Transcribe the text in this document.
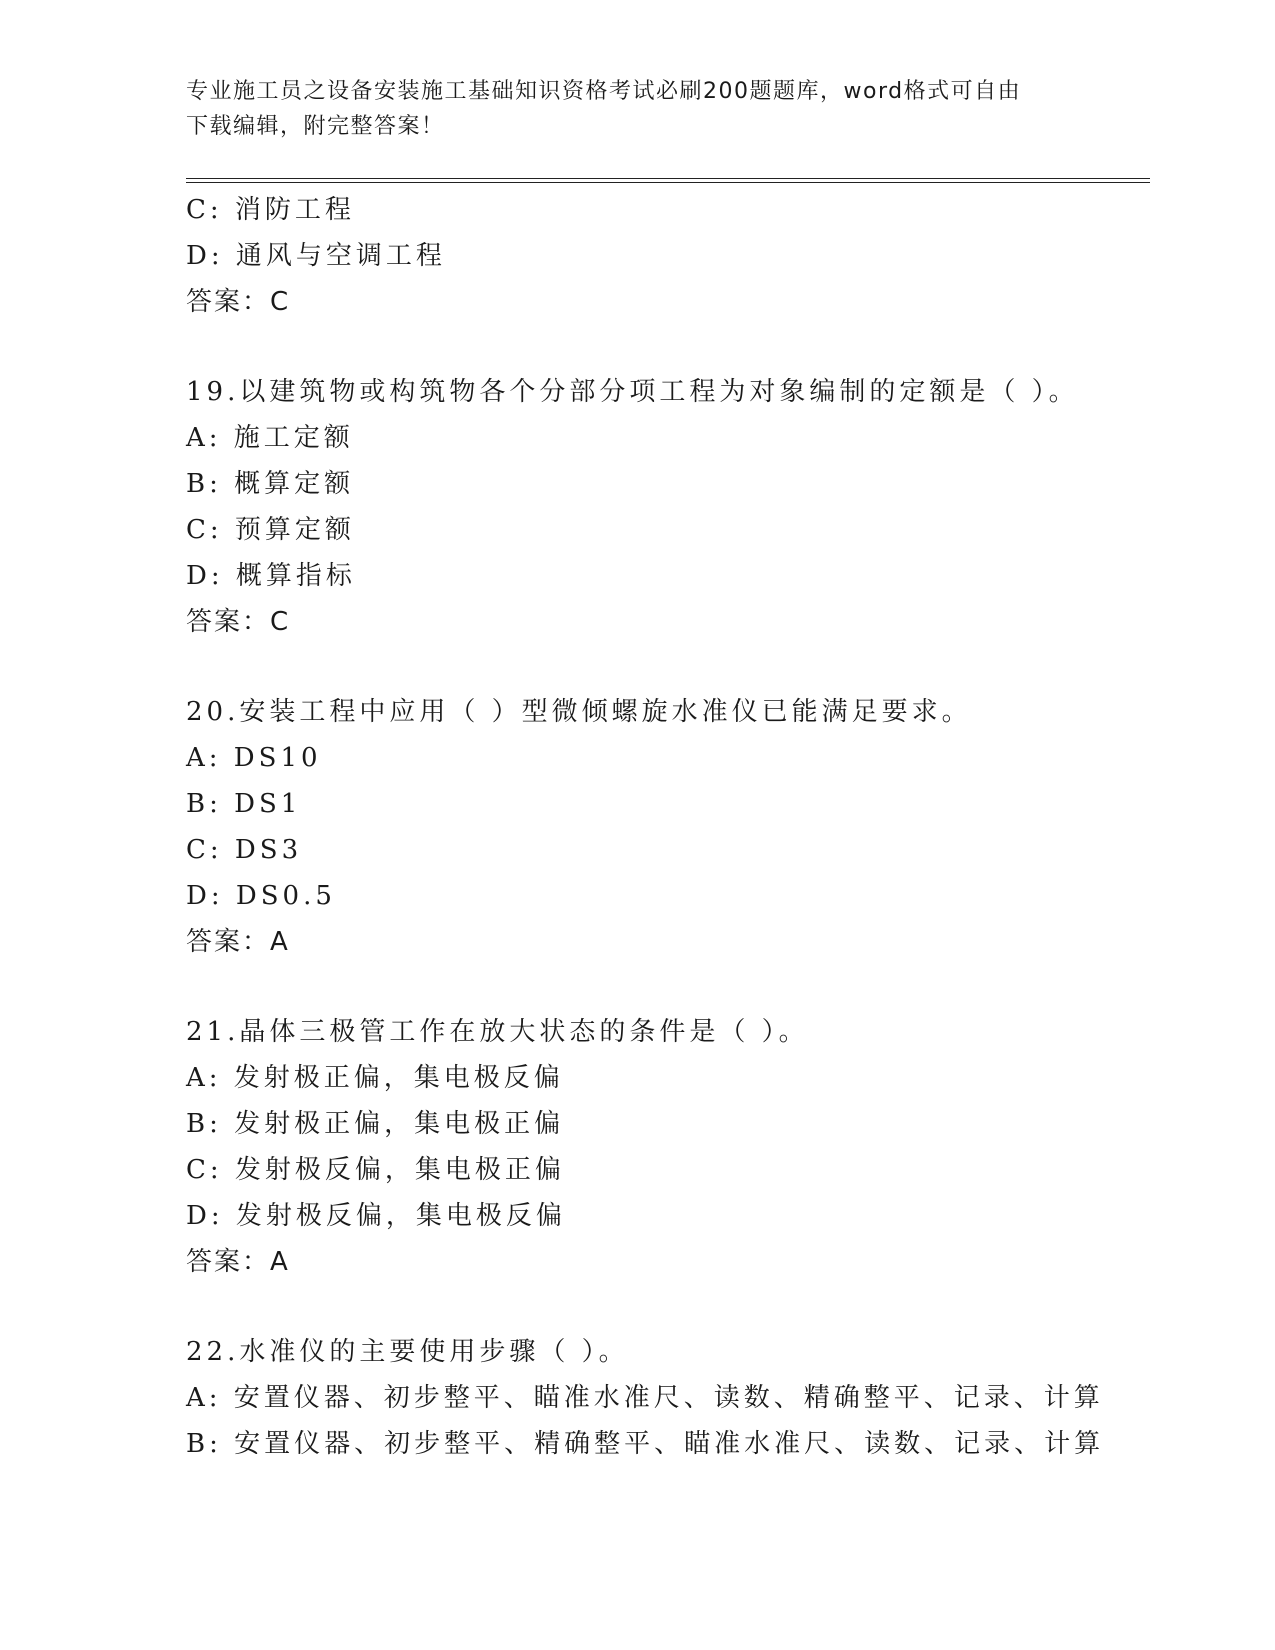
专业施工员之设备安装施工基础知识资格考试必刷200题题库，word格式可自由
下载编辑，附完整答案！
C: 消防工程
D: 通风与空调工程
答案：C
19.以建筑物或构筑物各个分部分项工程为对象编制的定额是（ ）。
A: 施工定额
B: 概算定额
C: 预算定额
D: 概算指标
答案：C
20.安装工程中应用（ ）型微倾螺旋水准仪已能满足要求。
A: DS10
B: DS1
C: DS3
D: DS0.5
答案：A
21.晶体三极管工作在放大状态的条件是（ ）。
A: 发射极正偏，集电极反偏
B: 发射极正偏，集电极正偏
C: 发射极反偏，集电极正偏
D: 发射极反偏，集电极反偏
答案：A
22.水准仪的主要使用步骤（ ）。
A: 安置仪器、初步整平、瞄准水准尺、读数、精确整平、记录、计算
B: 安置仪器、初步整平、精确整平、瞄准水准尺、读数、记录、计算
